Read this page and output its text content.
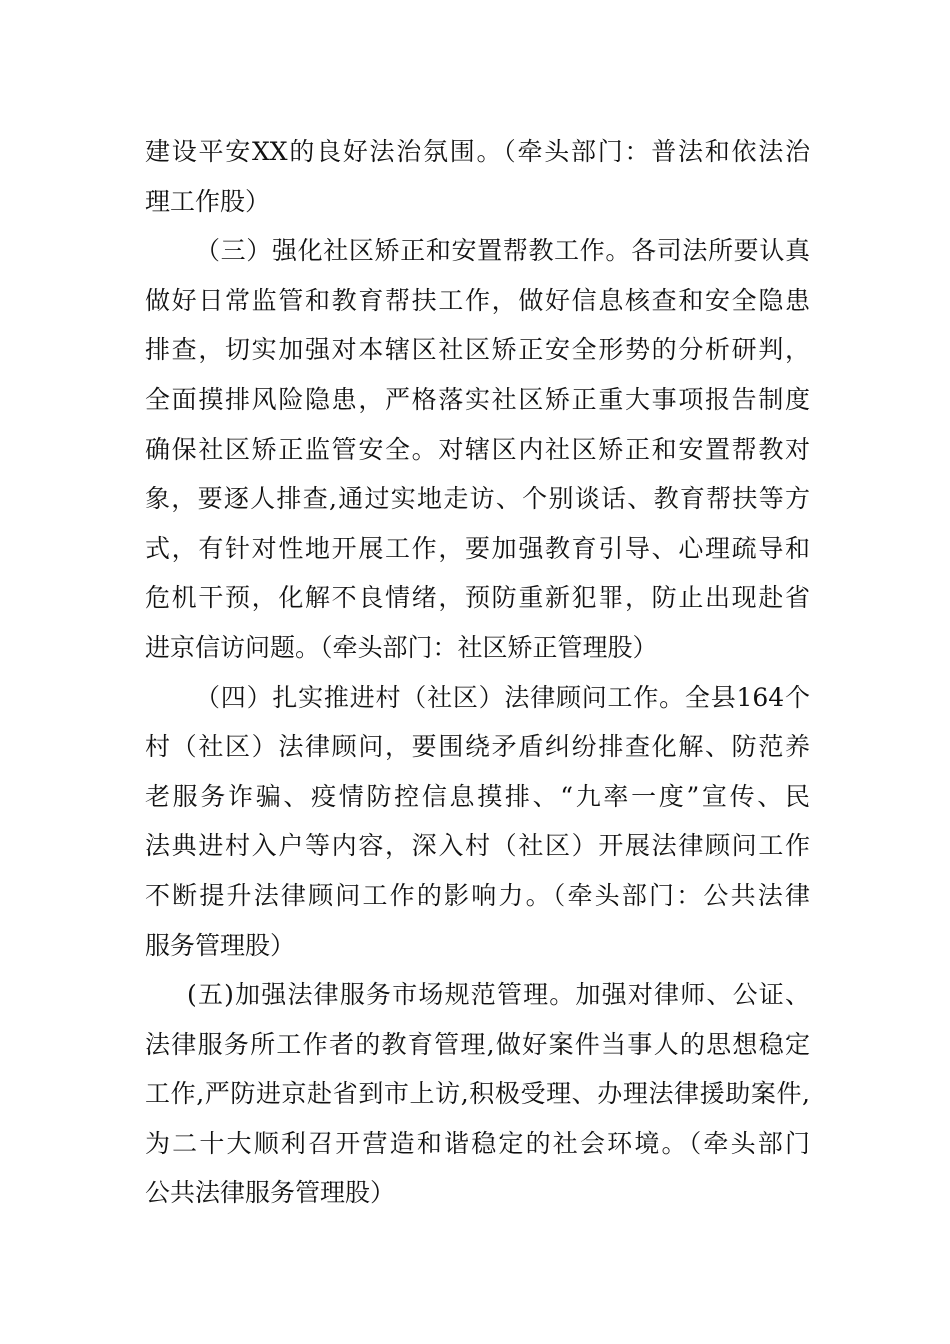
建设平安XX的良好法治氛围。（牵头部门：普法和依法治
理工作股）
（三）强化社区矫正和安置帮教工作。各司法所要认真
做好日常监管和教育帮扶工作，做好信息核查和安全隐患
排查，切实加强对本辖区社区矫正安全形势的分析研判，
全面摸排风险隐患，严格落实社区矫正重大事项报告制度
确保社区矫正监管安全。对辖区内社区矫正和安置帮教对
象，要逐人排查,通过实地走访、个别谈话、教育帮扶等方
式，有针对性地开展工作，要加强教育引导、心理疏导和
危机干预，化解不良情绪，预防重新犯罪，防止出现赴省
进京信访问题。（牵头部门：社区矫正管理股）
（四）扎实推进村（社区）法律顾问工作。全县164个
村（社区）法律顾问，要围绕矛盾纠纷排查化解、防范养
老服务诈骗、疫情防控信息摸排、“九率一度”宣传、民
法典进村入户等内容，深入村（社区）开展法律顾问工作
不断提升法律顾问工作的影响力。（牵头部门：公共法律
服务管理股）
(五)加强法律服务市场规范管理。加强对律师、公证、
法律服务所工作者的教育管理,做好案件当事人的思想稳定
工作,严防进京赴省到市上访,积极受理、办理法律援助案件,
为二十大顺利召开营造和谐稳定的社会环境。（牵头部门
公共法律服务管理股）
